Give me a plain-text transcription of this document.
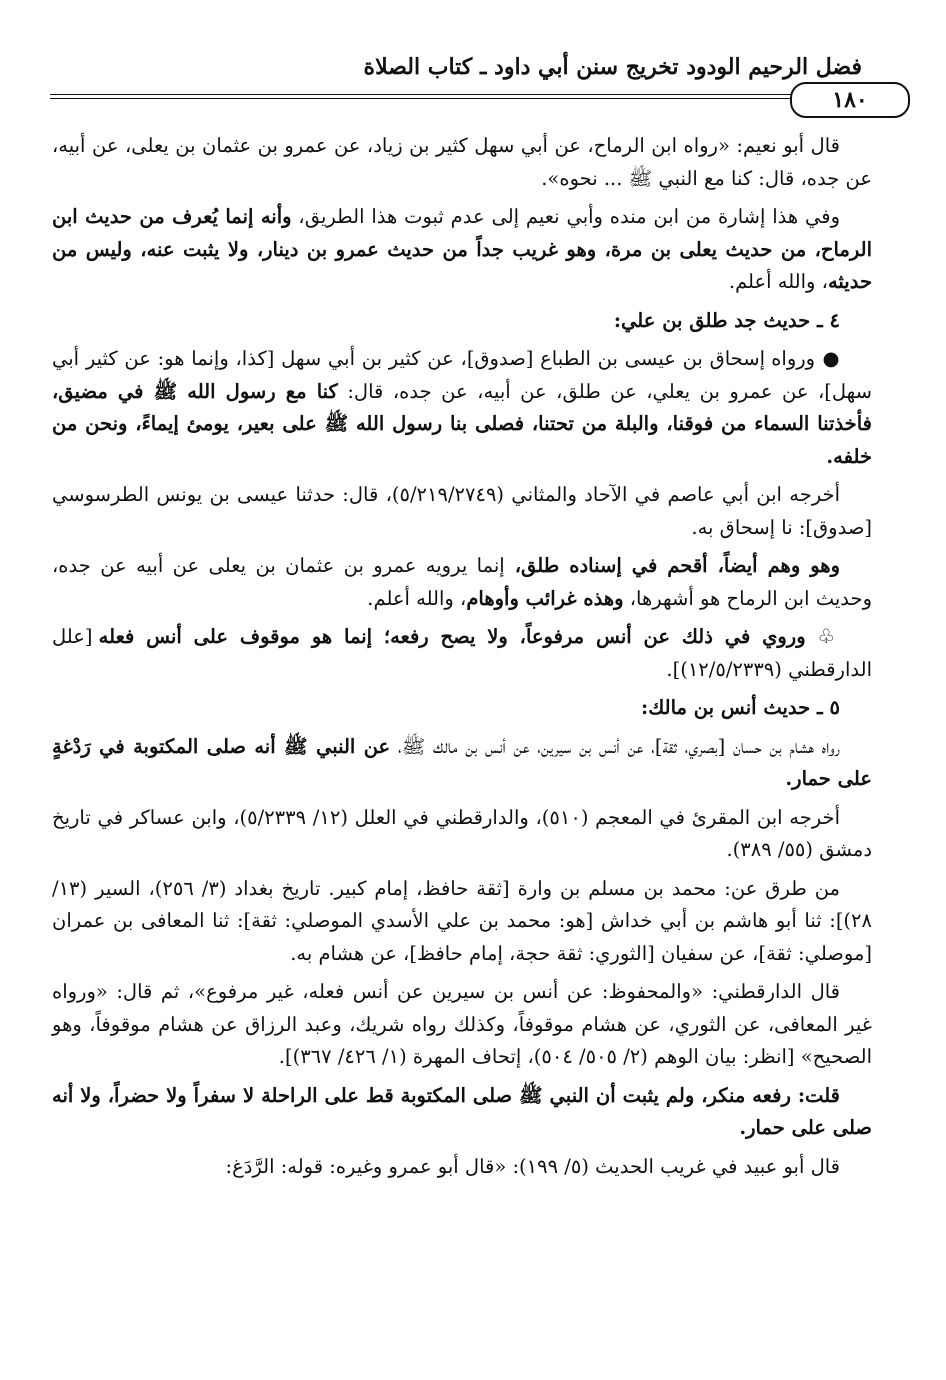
فضل الرحيم الودود تخريج سنن أبي داود ـ كتاب الصلاة
١٨٠

قال أبو نعيم: «رواه ابن الرماح، عن أبي سهل كثير بن زياد، عن عمرو بن عثمان بن يعلى، عن أبيه، عن جده، قال: كنا مع النبي ﷺ ... نحوه».

وفي هذا إشارة من ابن منده وأبي نعيم إلى عدم ثبوت هذا الطريق، وأنه إنما يُعرف من حديث ابن الرماح، من حديث يعلى بن مرة، وهو غريب جداً من حديث عمرو بن دينار، ولا يثبت عنه، وليس من حديثه، والله أعلم.

٤ ـ حديث جد طلق بن علي:

● ورواه إسحاق بن عيسى بن الطباع [صدوق]، عن كثير بن أبي سهل [كذا، وإنما هو: عن كثير أبي سهل]، عن عمرو بن يعلي، عن طلق، عن أبيه، عن جده، قال: كنا مع رسول الله ﷺ في مضيق، فأخذتنا السماء من فوقنا، والبلة من تحتنا، فصلى بنا رسول الله ﷺ على بعير، يومئ إيماءً، ونحن من خلفه.

أخرجه ابن أبي عاصم في الآحاد والمثاني (٥/٢١٩/٢٧٤٩)، قال: حدثنا عيسى بن يونس الطرسوسي [صدوق]: نا إسحاق به.

وهو وهم أيضاً، أقحم في إسناده طلق، إنما يرويه عمرو بن عثمان بن يعلى عن أبيه عن جده، وحديث ابن الرماح هو أشهرها، وهذه غرائب وأوهام، والله أعلم.

♧ وروي في ذلك عن أنس مرفوعاً، ولا يصح رفعه؛ إنما هو موقوف على أنس فعله [علل الدارقطني (١٢/٥/٢٣٣٩)].

٥ ـ حديث أنس بن مالك:

رواه هشام بن حسان [بصري، ثقة]، عن أنس بن سيرين، عن أنس بن مالك ﷺ، عن النبي ﷺ أنه صلى المكتوبة في رَدْغةٍ على حمار.

أخرجه ابن المقرئ في المعجم (٥١٠)، والدارقطني في العلل (١٢/ ٥/٢٣٣٩)، وابن عساكر في تاريخ دمشق (٥٥/ ٣٨٩).

من طرق عن: محمد بن مسلم بن وارة [ثقة حافظ، إمام كبير. تاريخ بغداد (٣/ ٢٥٦)، السير (١٣/ ٢٨)]: ثنا أبو هاشم بن أبي خداش [هو: محمد بن علي الأسدي الموصلي: ثقة]: ثنا المعافى بن عمران [موصلي: ثقة]، عن سفيان [الثوري: ثقة حجة، إمام حافظ]، عن هشام به.

قال الدارقطني: «والمحفوظ: عن أنس بن سيرين عن أنس فعله، غير مرفوع»، ثم قال: «ورواه غير المعافى، عن الثوري، عن هشام موقوفاً، وكذلك رواه شريك، وعبد الرزاق عن هشام موقوفاً، وهو الصحيح» [انظر: بيان الوهم (٢/ ٥٠٥/ ٥٠٤)، إتحاف المهرة (١/ ٤٢٦/ ٣٦٧)].

قلت: رفعه منكر، ولم يثبت أن النبي ﷺ صلى المكتوبة قط على الراحلة لا سفراً ولا حضراً، ولا أنه صلى على حمار.

قال أبو عبيد في غريب الحديث (٥/ ١٩٩): «قال أبو عمرو وغيره: قوله: الرَّدَغ:
